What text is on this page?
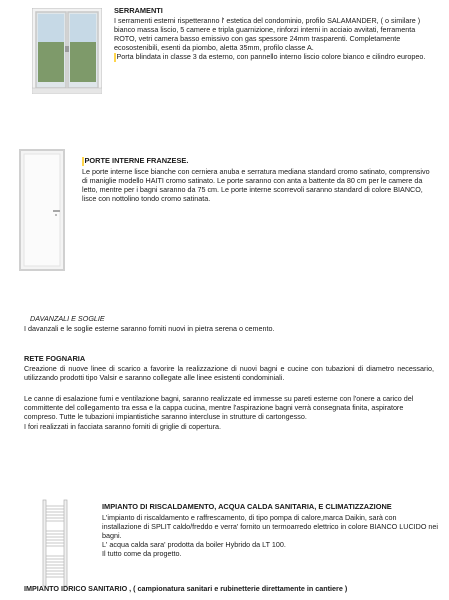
SERRAMENTI

I serramenti esterni rispetteranno l' estetica del condominio, profilo SALAMANDER, ( o similare ) bianco massa liscio, 5 camere e tripla guarnizione, rinforzi interni in acciaio avvitati, ferramenta ROTO, vetri camera basso emissivo con gas spessore 24mm trasparenti. Completamente ecosostenibili, esenti da piombo, aletta 35mm, profilo classe A.

Porta blindata in classe 3 da esterno, con pannello interno liscio colore bianco e cilindro europeo.

PORTE INTERNE FRANZESE.

Le porte interne lisce bianche con cerniera anuba e serratura mediana standard cromo satinato, comprensivo di maniglie modello HAITI cromo satinato. Le porte saranno con anta a battente da 80 cm per le camere da letto, mentre per i bagni saranno da 75 cm. Le porte interne scorrevoli saranno standard di colore BIANCO, lisce con nottolino tondo cromo satinata.

DAVANZALI E SOGLIE

I davanzali e le soglie esterne saranno forniti nuovi in pietra serena o cemento.

RETE FOGNARIA

Creazione di nuove linee di scarico a favorire la realizzazione di nuovi bagni e cucine con tubazioni di diametro necessario, utilizzando prodotti tipo Valsir e saranno collegate alle linee esistenti condominiali.

Le canne di esalazione fumi e ventilazione bagni, saranno realizzate ed immesse su pareti esterne con l'onere a carico del committente del collegamento tra essa e la cappa cucina, mentre l'aspirazione bagni verrà consegnata finita, aspiratore compreso. Tutte le tubazioni impiantistiche saranno intercluse in strutture di cartongesso.

I fori realizzati in facciata saranno forniti di griglie di copertura.

IMPIANTO DI RISCALDAMENTO, ACQUA CALDA SANITARIA, E CLIMATIZZAZIONE

L'impianto di riscaldamento e raffrescamento, di tipo pompa di calore,marca Daikin, sarà con installazione di SPLIT caldo/freddo e verra' fornito un termoarredo elettrico in colore BIANCO LUCIDO nei bagni.

L' acqua calda sara' prodotta da boiler Hybrido da LT 100.

Il tutto come da progetto.

IMPIANTO IDRICO SANITARIO , ( campionatura sanitari e rubinetterie direttamente in cantiere )
